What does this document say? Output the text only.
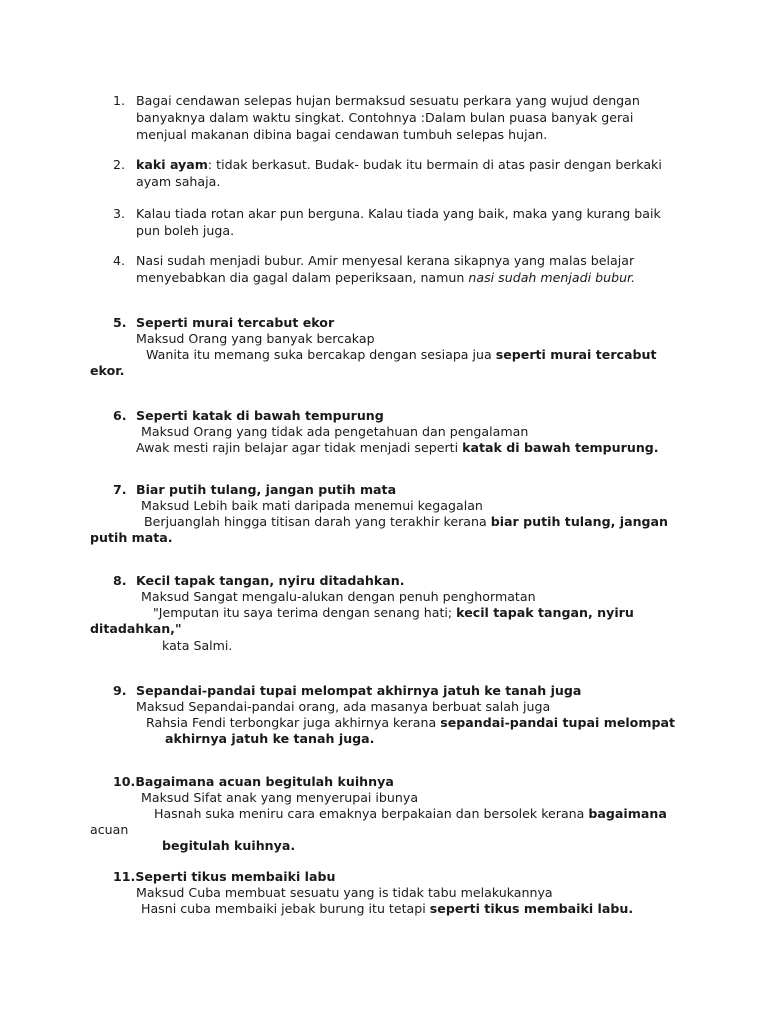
1. Bagai cendawan selepas hujan bermaksud sesuatu perkara yang wujud dengan
banyaknya dalam waktu singkat. Contohnya :Dalam bulan puasa banyak gerai
menjual makanan dibina bagai cendawan tumbuh selepas hujan.
2. kaki ayam: tidak berkasut. Budak- budak itu bermain di atas pasir dengan berkaki
ayam sahaja.
3. Kalau tiada rotan akar pun berguna. Kalau tiada yang baik, maka yang kurang baik
pun boleh juga.
4. Nasi sudah menjadi bubur. Amir menyesal kerana sikapnya yang malas belajar
menyebabkan dia gagal dalam peperiksaan, namun nasi sudah menjadi bubur.
5. Seperti murai tercabut ekor
Maksud Orang yang banyak bercakap
Wanita itu memang suka bercakap dengan sesiapa jua seperti murai tercabut
ekor.
6. Seperti katak di bawah tempurung
Maksud Orang yang tidak ada pengetahuan dan pengalaman
Awak mesti rajin belajar agar tidak menjadi seperti katak di bawah tempurung.
7. Biar putih tulang, jangan putih mata
Maksud Lebih baik mati daripada menemui kegagalan
Berjuanglah hingga titisan darah yang terakhir kerana biar putih tulang, jangan
putih mata.
8. Kecil tapak tangan, nyiru ditadahkan.
Maksud Sangat mengalu-alukan dengan penuh penghormatan
"Jemputan itu saya terima dengan senang hati; kecil tapak tangan, nyiru
ditadahkan,"
kata Salmi.
9. Sepandai-pandai tupai melompat akhirnya jatuh ke tanah juga
Maksud Sepandai-pandai orang, ada masanya berbuat salah juga
Rahsia Fendi terbongkar juga akhirnya kerana sepandai-pandai tupai melompat
akhirnya jatuh ke tanah juga.
10.Bagaimana acuan begitulah kuihnya
Maksud Sifat anak yang menyerupai ibunya
Hasnah suka meniru cara emaknya berpakaian dan bersolek kerana bagaimana
acuan
begitulah kuihnya.
11.Seperti tikus membaiki labu
Maksud Cuba membuat sesuatu yang is tidak tabu melakukannya
Hasni cuba membaiki jebak burung itu tetapi seperti tikus membaiki labu.
